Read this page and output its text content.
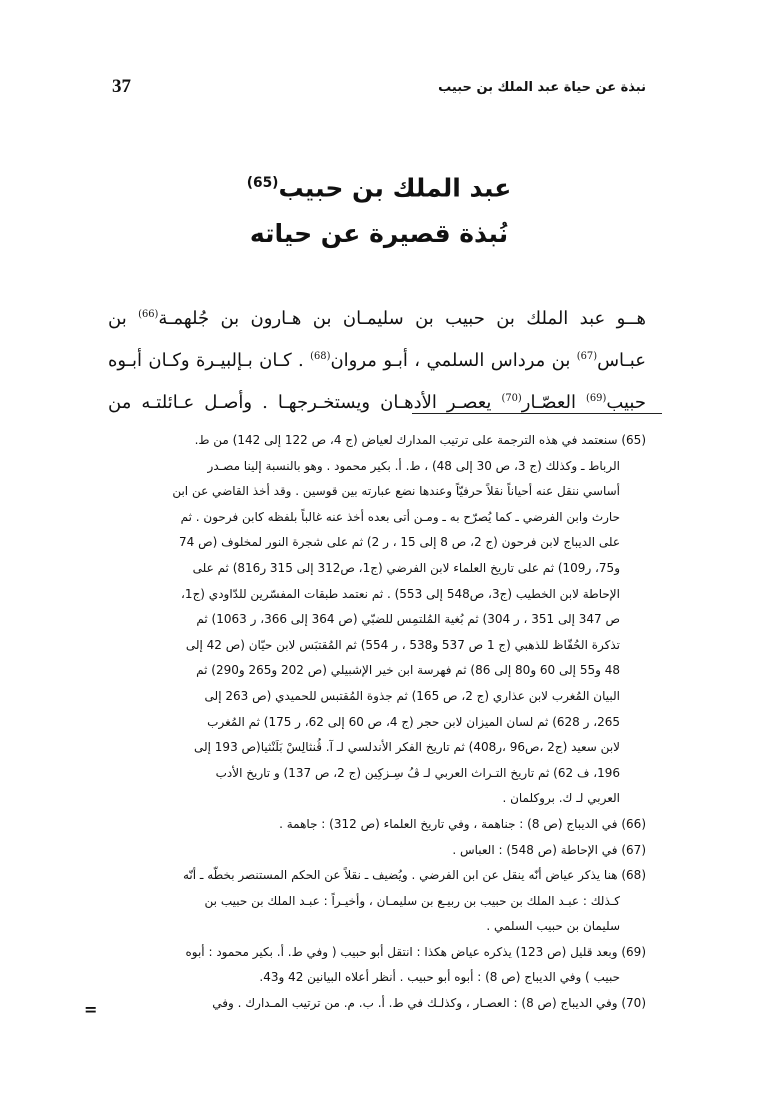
37	نبذة عن حياة عبد الملك بن حبيب
عبد الملك بن حبيب$^{(65)}$
نُبذة قصيرة عن حياته
هــو عبد الملك بن حبيب بن سليمـان بن هـارون بن جُلهمـة$^{(66)}$ بن
عبـاس$^{(67)}$ بن مرداس السلمي ، أبـو مروان$^{(68)}$ . كـان بـإلبيـرة وكـان أبـوه
حبيب$^{(69)}$ العصّـار$^{(70)}$ يعصـر الأدهـان ويستخـرجهـا . وأصـل عـائلتـه من
(65) سنعتمد في هذه الترجمة على ترتيب المدارك لعياض (ج 4، ص 122 إلى 142) من ط.
الرباط ـ وكذلك (ج 3، ص 30 إلى 48) ، ط. أ. بكير محمود . وهو بالنسبة إلينا مصـدر
أساسي ننقل عنه أحياناً نقلاً حرفيّاً وعندها نضع عبارته بين قوسين . وقد أخذ القاضي عن ابن
حارث وابن الفرضي ـ كما يُصرّح به ـ ومـن أتى بعده أخذ عنه غالباً بلفظه كابن فرحون . ثم
على الديباج لابن فرحون (ج 2، ص 8 إلى 15 ، ر 2) ثم على شجرة النور لمخلوف (ص 74
و75، ر109) ثم على تاريخ العلماء لابن الفرضي (ج1، ص312 إلى 315 ر816) ثم على
الإحاطة لابن الخطيب (ج3، ص548 إلى 553) . ثم نعتمد طبقات المفسّرين للدّاودي (ج1،
ص 347 إلى 351 ، ر 304) ثم بُغية المُلتمِس للضبّي (ص 364 إلى 366، ر 1063) ثم
تذكرة الحُفّاظ للذهبي (ج 1 ص 537 و538 ، ر 554) ثم المُقتبَس لابن حيّان (ص 42 إلى
48 و55 إلى 60 و80 إلى 86) ثم فهرسة ابن خير الإشبيلي (ص 202 و265 و290) ثم
البيان المُغرب لابن عذاري (ج 2، ص 165) ثم جذوة المُقتبس للحميدي (ص 263 إلى
265، ر 628) ثم لسان الميزان لابن حجر (ج 4، ص 60 إلى 62، ر 175) ثم المُغرب
لابن سعيد (ج2 ،ص96 ،ر408) ثم تاريخ الفكر الأندلسي لـ آ. ڤُنثالِسْ بَلَنْثيا(ص 193 إلى
196، ف 62) ثم تاريخ التـراث العربي لـ ڤُ سِـزكِين (ج 2، ص 137) و تاريخ الأدب
العربي لـ ك. بروكلمان .
(66) في الديباج (ص 8) : جناهمة ، وفي تاريخ العلماء (ص 312) : جاهمة .
(67) في الإحاطة (ص 548) : العباس .
(68) هنا يذكر عياض أنّه ينقل عن ابن الفرضي . ويُضيف ـ نقلاً عن الحكم المستنصر بخطّه ـ أنّه
كـذلك : عبـد الملك بن حبيب بن ربيـع بن سليمـان ، وأخيـراً : عبـد الملك بن حبيب بن
سليمان بن حبيب السلمي .
(69) وبعد قليل (ص 123) يذكره عياض هكذا : انتقل أبو حبيب ( وفي ط. أ. بكير محمود : أبوه
حبيب ) وفي الديباج (ص 8) : أبوه أبو حبيب . أنظر أعلاه البيانين 42 و43.
(70) وفي الديباج (ص 8) : العصـار ، وكذلـك في ط. أ. ب. م. من ترتيب المـدارك . وفي
=
